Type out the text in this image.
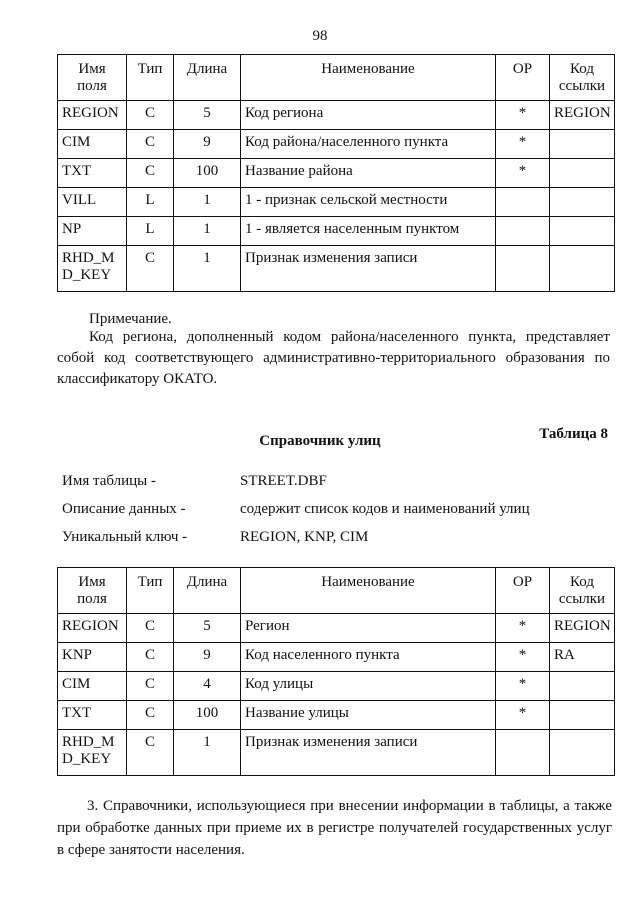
98
Имя поля	Тип	Длина	Наименование	ОР	Код ссылки
REGION	C	5	Код региона	*	REGION
CIM	C	9	Код района/населенного пункта	*	
TXT	C	100	Название района	*	
VILL	L	1	1 - признак сельской местности		
NP	L	1	1 - является населенным пунктом		
RHD_M D_KEY	C	1	Признак изменения записи		
Примечание.
Код региона, дополненный кодом района/населенного пункта, представляет собой код соответствующего административно-территориального образования по классификатору ОКАТО.
Таблица 8
Справочник улиц
Имя таблицы -	STREET.DBF
Описание данных -	содержит список кодов и наименований улиц
Уникальный ключ -	REGION, KNP, CIM
Имя поля	Тип	Длина	Наименование	ОР	Код ссылки
REGION	C	5	Регион	*	REGION
KNP	C	9	Код населенного пункта	*	RA
CIM	C	4	Код улицы	*	
TXT	C	100	Название улицы	*	
RHD_M D_KEY	C	1	Признак изменения записи		
3. Справочники, использующиеся при внесении информации в таблицы, а также при обработке данных при приеме их в регистре получателей государственных услуг в сфере занятости населения.
